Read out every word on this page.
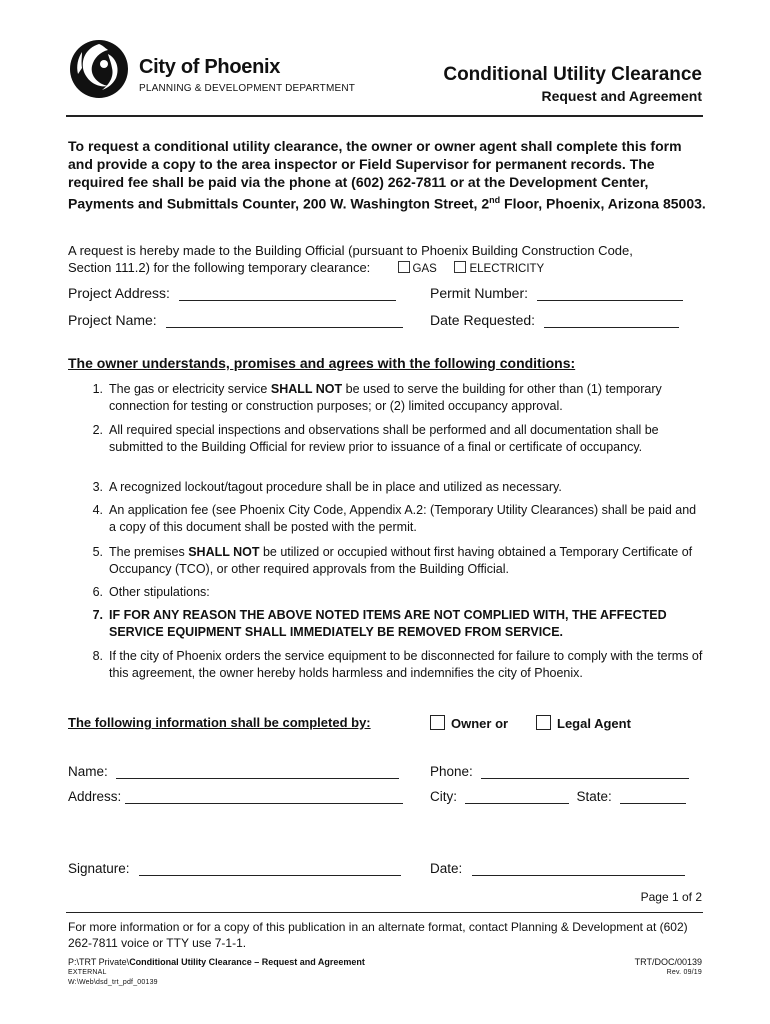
City of Phoenix
PLANNING & DEVELOPMENT DEPARTMENT
Conditional Utility Clearance
Request and Agreement
To request a conditional utility clearance, the owner or owner agent shall complete this form and provide a copy to the area inspector or Field Supervisor for permanent records. The required fee shall be paid via the phone at (602) 262-7811 or at the Development Center, Payments and Submittals Counter, 200 W. Washington Street, 2nd Floor, Phoenix, Arizona 85003.
A request is hereby made to the Building Official (pursuant to Phoenix Building Construction Code,
Section 111.2) for the following temporary clearance:	GAS	ELECTRICITY
Project Address:	Permit Number:
Project Name:	Date Requested:
The owner understands, promises and agrees with the following conditions:
1. The gas or electricity service SHALL NOT be used to serve the building for other than (1) temporary connection for testing or construction purposes; or (2) limited occupancy approval.
2. All required special inspections and observations shall be performed and all documentation shall be submitted to the Building Official for review prior to issuance of a final or certificate of occupancy.
3. A recognized lockout/tagout procedure shall be in place and utilized as necessary.
4. An application fee (see Phoenix City Code, Appendix A.2: (Temporary Utility Clearances) shall be paid and a copy of this document shall be posted with the permit.
5. The premises SHALL NOT be utilized or occupied without first having obtained a Temporary Certificate of Occupancy (TCO), or other required approvals from the Building Official.
6. Other stipulations:
7. IF FOR ANY REASON THE ABOVE NOTED ITEMS ARE NOT COMPLIED WITH, THE AFFECTED SERVICE EQUIPMENT SHALL IMMEDIATELY BE REMOVED FROM SERVICE.
8. If the city of Phoenix orders the service equipment to be disconnected for failure to comply with the terms of this agreement, the owner hereby holds harmless and indemnifies the city of Phoenix.
The following information shall be completed by:	Owner or	Legal Agent
Name:	Phone:
Address:	City:	State:
Signature:	Date:
Page 1 of 2
For more information or for a copy of this publication in an alternate format, contact Planning & Development at (602) 262-7811 voice or TTY use 7-1-1.
P:\TRT Private\Conditional Utility Clearance – Request and Agreement
EXTERNAL
W:\Web\dsd_trt_pdf_00139
TRT/DOC/00139
Rev. 09/19
